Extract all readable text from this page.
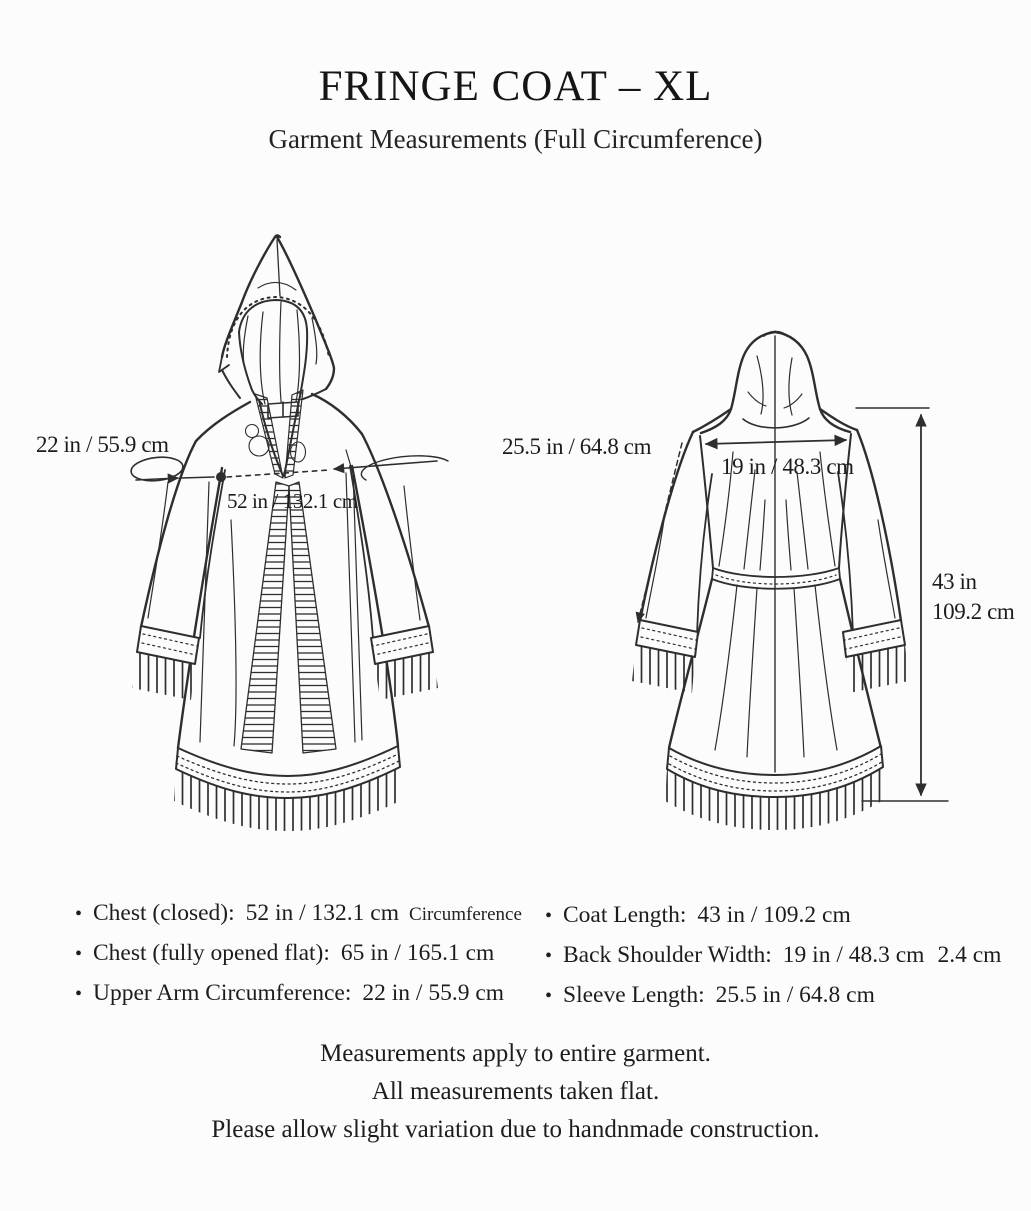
FRINGE COAT – XL
Garment Measurements (Full Circumference)
22 in / 55.9 cm
52 in / 132.1 cm
25.5 in / 64.8 cm
19 in / 48.3 cm
43 in
109.2 cm
• Chest (closed): 52 in / 132.1 cm Circumference
• Chest (fully opened flat): 65 in / 165.1 cm
• Upper Arm Circumference: 22 in / 55.9 cm
• Coat Length: 43 in / 109.2 cm
• Back Shoulder Width: 19 in / 48.3 cm 2.4 cm
• Sleeve Length: 25.5 in / 64.8 cm
Measurements apply to entire garment.
All measurements taken flat.
Please allow slight variation due to handnmade construction.
